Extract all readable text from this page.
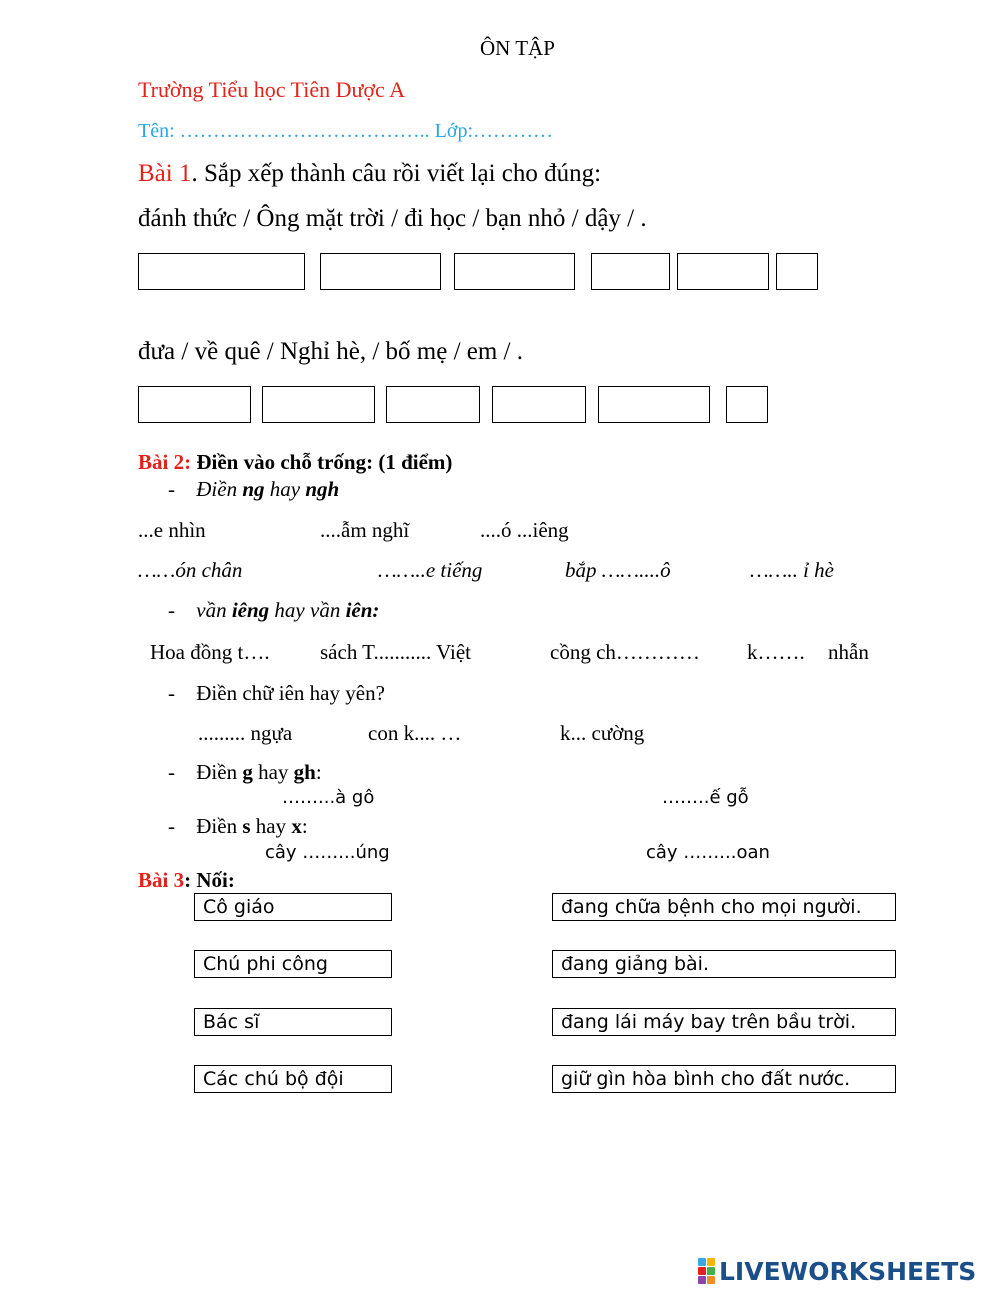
ÔN TẬP
Trường Tiểu học Tiên Dược A
Tên: ……………………………….. Lớp:…………
Bài 1. Sắp xếp thành câu rồi viết lại cho đúng:
đánh thức / Ông mặt trời / đi học / bạn nhỏ / dậy / .
đưa / về quê / Nghỉ hè, / bố mẹ / em / .
Bài 2: Điền vào chỗ trống: (1 điểm)
- Điền ng hay ngh
...e nhìn	....ẫm nghĩ	....ó ...iêng
……ón chân	……..e tiếng	bắp ……....ô	…….. ỉ hè
- vần iêng hay vần iên:
Hoa đồng t…. sách T........... Việt	cồng ch………… k……. nhẫn
- Điền chữ iên hay yên?
......... ngựa	con k.... …	k... cường
- Điền g hay gh:
……...à gô	……..ế gỗ
- Điền s hay x:
cây ……...úng	cây ……...oan
Bài 3: Nối:
Cô giáo
Chú phi công
Bác sĩ
Các chú bộ đội
đang chữa bệnh cho mọi người.
đang giảng bài.
đang lái máy bay trên bầu trời.
giữ gìn hòa bình cho đất nước.
LIVEWORKSHEETS
